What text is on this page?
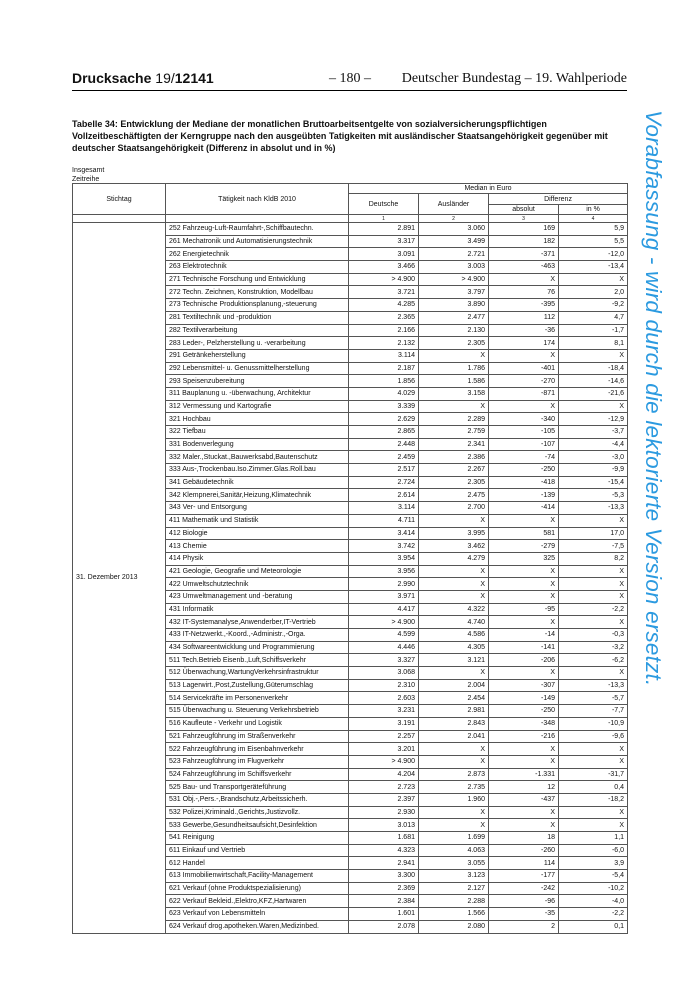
Drucksache 19/12141	– 180 – Deutscher Bundestag – 19. Wahlperiode
Tabelle 34: Entwicklung der Mediane der monatlichen Bruttoarbeitsentgelte von sozialversicherungspflichtigen Vollzeitbeschäftigten der Kerngruppe nach den ausgeübten Tatigkeiten mit ausländischer Staatsangehörigkeit gegenüber mit deutscher Staatsangehörigkeit (Differenz in absolut und in %)
Insgesamt
Zeitreihe	Vorabfassung - wird durch die lektorierte Version ersetzt.
Stichtag	Tätigkeit nach KldB 2010	Median in Euro			
		Deutsche	Ausländer	Differenz	
				absolut	in %
		1	2	3	4
31. Dezember 2013	252 Fahrzeug-Luft-Raumfahrt-,Schiffbautechn.	2.891	3.060	169	5,9
	261 Mechatronik und Automatisierungstechnik	3.317	3.499	182	5,5
	262 Energietechnik	3.091	2.721	-371	-12,0
	263 Elektrotechnik	3.466	3.003	-463	-13,4
	271 Technische Forschung und Entwicklung	> 4.900	> 4.900	X	X
	272 Techn. Zeichnen, Konstruktion, Modellbau	3.721	3.797	76	2,0
	273 Technische Produktionsplanung,-steuerung	4.285	3.890	-395	-9,2
	281 Textiltechnik und -produktion	2.365	2.477	112	4,7
	282 Textilverarbeitung	2.166	2.130	-36	-1,7
	283 Leder-, Pelzherstellung u. -verarbeitung	2.132	2.305	174	8,1
	291 Getränkeherstellung	3.114	X	X	X
	292 Lebensmittel- u. Genussmittelherstellung	2.187	1.786	-401	-18,4
	293 Speisenzubereitung	1.856	1.586	-270	-14,6
	311 Bauplanung u. -überwachung, Architektur	4.029	3.158	-871	-21,6
	312 Vermessung und Kartografie	3.339	X	X	X
	321 Hochbau	2.629	2.289	-340	-12,9
	322 Tiefbau	2.865	2.759	-105	-3,7
	331 Bodenverlegung	2.448	2.341	-107	-4,4
	332 Maler.,Stuckat.,Bauwerksabd,Bautenschutz	2.459	2.386	-74	-3,0
	333 Aus-,Trockenbau.Iso.Zimmer.Glas.Roll.bau	2.517	2.267	-250	-9,9
	341 Gebäudetechnik	2.724	2.305	-418	-15,4
	342 Klempnerei,Sanitär,Heizung,Klimatechnik	2.614	2.475	-139	-5,3
	343 Ver- und Entsorgung	3.114	2.700	-414	-13,3
	411 Mathematik und Statistik	4.711	X	X	X
	412 Biologie	3.414	3.995	581	17,0
	413 Chemie	3.742	3.462	-279	-7,5
	414 Physik	3.954	4.279	325	8,2
	421 Geologie, Geografie und Meteorologie	3.956	X	X	X
	422 Umweltschutztechnik	2.990	X	X	X
	423 Umweltmanagement und -beratung	3.971	X	X	X
	431 Informatik	4.417	4.322	-95	-2,2
	432 IT-Systemanalyse,Anwenderber,IT-Vertrieb	> 4.900	4.740	X	X
	433 IT-Netzwerkt.,-Koord.,-Administr.,-Orga.	4.599	4.586	-14	-0,3
	434 Softwareentwicklung und Programmierung	4.446	4.305	-141	-3,2
	511 Tech.Betrieb Eisenb.,Luft,Schiffsverkehr	3.327	3.121	-206	-6,2
	512 Überwachung,WartungVerkehrsinfrastruktur	3.068	X	X	X
	513 Lagerwirt.,Post,Zustellung,Güterumschlag	2.310	2.004	-307	-13,3
	514 Servicekräfte im Personenverkehr	2.603	2.454	-149	-5,7
	515 Überwachung u. Steuerung Verkehrsbetrieb	3.231	2.981	-250	-7,7
	516 Kaufleute - Verkehr und Logistik	3.191	2.843	-348	-10,9
	521 Fahrzeugführung im Straßenverkehr	2.257	2.041	-216	-9,6
	522 Fahrzeugführung im Eisenbahnverkehr	3.201	X	X	X
	523 Fahrzeugführung im Flugverkehr	> 4.900	X	X	X
	524 Fahrzeugführung im Schiffsverkehr	4.204	2.873	-1.331	-31,7
	525 Bau- und Transportgeräteführung	2.723	2.735	12	0,4
	531 Obj.-,Pers.-,Brandschutz,Arbeitssicherh.	2.397	1.960	-437	-18,2
	532 Polizei,Kriminald.,Gerichts,Justizvollz.	2.930	X	X	X
	533 Gewerbe,Gesundheitsaufsicht,Desinfektion	3.013	X	X	X
	541 Reinigung	1.681	1.699	18	1,1
	611 Einkauf und Vertrieb	4.323	4.063	-260	-6,0
	612 Handel	2.941	3.055	114	3,9
	613 Immobilienwirtschaft,Facility-Management	3.300	3.123	-177	-5,4
	621 Verkauf (ohne Produktspezialisierung)	2.369	2.127	-242	-10,2
	622 Verkauf Bekleid.,Elektro,KFZ,Hartwaren	2.384	2.288	-96	-4,0
	623 Verkauf von Lebensmitteln	1.601	1.566	-35	-2,2
	624 Verkauf drog.apotheken.Waren,Medizinbed.	2.078	2.080	2	0,1
